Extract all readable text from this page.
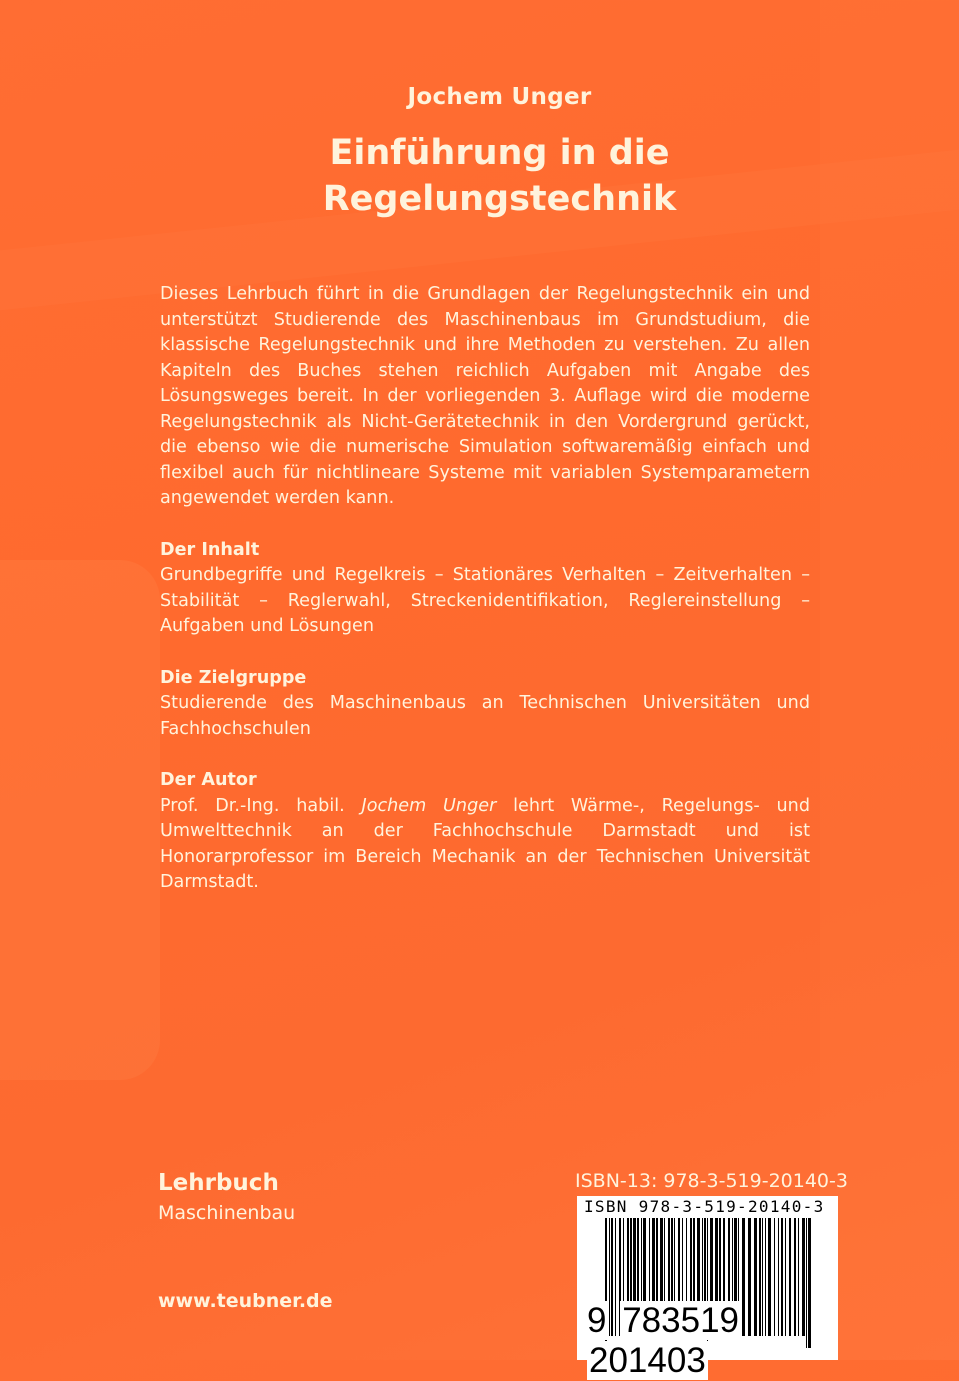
Jochem Unger
Einführung in die
Regelungstechnik

Dieses Lehrbuch führt in die Grundlagen der Regelungstechnik ein und unterstützt Studierende des Maschinenbaus im Grundstudium, die klassische Regelungstechnik und ihre Methoden zu verstehen. Zu allen Kapiteln des Buches stehen reichlich Aufgaben mit Angabe des Lösungsweges bereit. In der vorliegenden 3. Auflage wird die moderne Regelungstechnik als Nicht-Gerätetechnik in den Vordergrund gerückt, die ebenso wie die numerische Simulation softwaremäßig einfach und flexibel auch für nichtlineare Systeme mit variablen Systemparametern angewendet werden kann.

Der Inhalt

Grundbegriffe und Regelkreis – Stationäres Verhalten – Zeitverhalten – Stabilität – Reglerwahl, Streckenidentifikation, Reglereinstellung – Aufgaben und Lösungen

Die Zielgruppe

Studierende des Maschinenbaus an Technischen Universitäten und Fachhochschulen

Der Autor

Prof. Dr.-Ing. habil. Jochem Unger lehrt Wärme-, Regelungs- und Umwelttechnik an der Fachhochschule Darmstadt und ist Honorarprofessor im Bereich Mechanik an der Technischen Universität Darmstadt.

Lehrbuch
Maschinenbau
www.teubner.de
ISBN-13: 978-3-519-20140-3
ISBN 978-3-519-20140-3
9 783519 201403
